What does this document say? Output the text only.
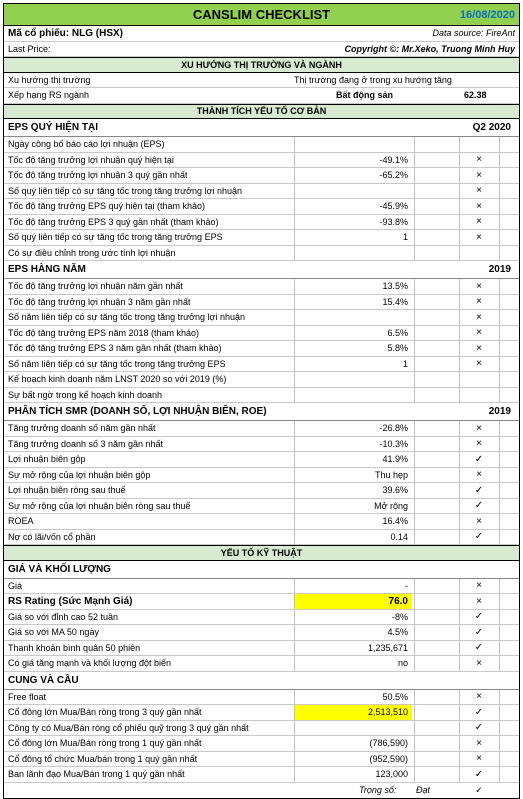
CANSLIM CHECKLIST	16/08/2020
Mã cổ phiếu: NLG (HSX)	Data source: FireAnt
Last Price:	Copyright ©: Mr.Xeko, Truong Minh Huy
XU HƯỚNG THỊ TRƯỜNG VÀ NGÀNH
Xu hướng thị trường	Thị trường đang ở trong xu hướng tăng
Xếp hạng RS ngành	Bất động sản	62.38
THÀNH TÍCH YẾU TỐ CƠ BẢN
EPS QUÝ HIỆN TẠI	Q2 2020
Ngày công bố báo cáo lợi nhuận (EPS)
Tốc độ tăng trưởng lợi nhuận quý hiện tại	-49.1%	×
Tốc độ tăng trưởng lợi nhuận 3 quý gần nhất	-65.2%	×
Số quý liên tiếp có sự tăng tốc trong tăng trưởng lợi nhuận	×
Tốc độ tăng trưởng EPS quý hiện tại (tham khảo)	-45.9%	×
Tốc độ tăng trưởng EPS 3 quý gần nhất (tham khảo)	-93.8%	×
Số quý liên tiếp có sự tăng tốc trong tăng trưởng EPS	1	×
Có sự điều chỉnh trong ước tính lợi nhuận
EPS HÀNG NĂM	2019
Tốc độ tăng trưởng lợi nhuận năm gần nhất	13.5%	×
Tốc độ tăng trưởng lợi nhuận 3 năm gần nhất	15.4%	×
Số năm liên tiếp có sự tăng tốc trong tăng trưởng lợi nhuận	×
Tốc độ tăng trưởng EPS năm 2018 (tham khảo)	6.5%	×
Tốc độ tăng trưởng EPS 3 năm gần nhất (tham khảo)	5.8%	×
Số năm liên tiếp có sự tăng tốc trong tăng trưởng EPS	1	×
Kế hoạch kinh doanh năm LNST 2020 so với 2019 (%)
Sự bất ngờ trong kế hoạch kinh doanh
PHÂN TÍCH SMR (DOANH SỐ, LỢI NHUẬN BIÊN, ROE)	2019
Tăng trưởng doanh số năm gần nhất	-26.8%	×
Tăng trưởng doanh số 3 năm gần nhất	-10.3%	×
Lợi nhuận biên gộp	41.9%	✓
Sự mở rộng của lợi nhuận biên gộp	Thu hẹp	×
Lợi nhuận biên ròng sau thuế	39.6%	✓
Sự mở rộng của lợi nhuận biên ròng sau thuế	Mở rộng	✓
ROEA	16.4%	×
Nợ có lãi/vốn cổ phần	0.14	✓
YẾU TỐ KỸ THUẬT
GIÁ VÀ KHỐI LƯỢNG
Giá	-	×
RS Rating (Sức Mạnh Giá)	76.0	×
Giá so với đỉnh cao 52 tuần	-8%	✓
Giá so với MA 50 ngày	4.5%	✓
Thanh khoản bình quân 50 phiên	1,235,671	✓
Có giá tăng mạnh và khối lượng đột biến	no	×
CUNG VÀ CẦU
Free float	50.5%	×
Cổ đông lớn Mua/Bán ròng trong 3 quý gần nhất	2,513,510	✓
Công ty có Mua/Bán ròng cổ phiếu quỹ trong 3 quý gần nhất	✓
Cổ đông lớn Mua/Bán ròng trong 1 quý gần nhất	(786,590)	×
Cổ đông tổ chức Mua/bán trong 1 quý gần nhất	(952,590)	×
Ban lãnh đạo Mua/Bán trong 1 quý gần nhất	123,000	✓
Trọng số: Đạt	✓
